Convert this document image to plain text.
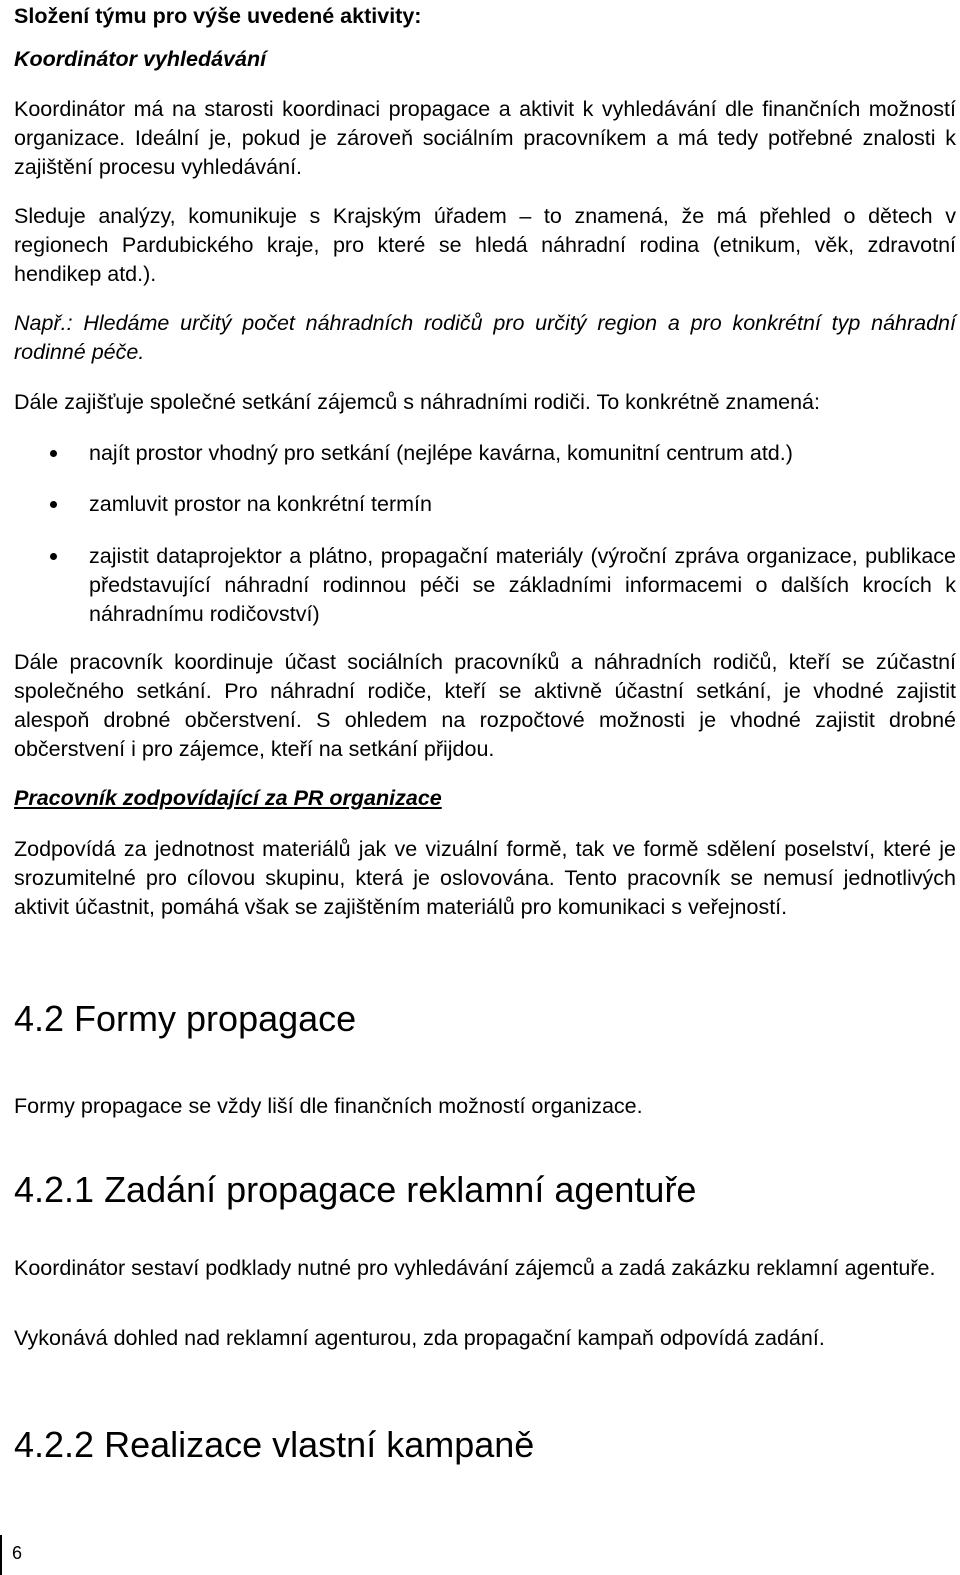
Složení týmu pro výše uvedené aktivity:
Koordinátor vyhledávání

Koordinátor má na starosti koordinaci propagace a aktivit k vyhledávání dle finančních možností organizace. Ideální je, pokud je zároveň sociálním pracovníkem a má tedy potřebné znalosti k zajištění procesu vyhledávání.

Sleduje analýzy, komunikuje s Krajským úřadem – to znamená, že má přehled o dětech v regionech Pardubického kraje, pro které se hledá náhradní rodina (etnikum, věk, zdravotní hendikep atd.).

Např.: Hledáme určitý počet náhradních rodičů pro určitý region a pro konkrétní typ náhradní rodinné péče.

Dále zajišťuje společné setkání zájemců s náhradními rodiči. To konkrétně znamená:

najít prostor vhodný pro setkání (nejlépe kavárna, komunitní centrum atd.)
zamluvit prostor na konkrétní termín
zajistit dataprojektor a plátno, propagační materiály (výroční zpráva organizace, publikace představující náhradní rodinnou péči se základními informacemi o dalších krocích k náhradnímu rodičovství)

Dále pracovník koordinuje účast sociálních pracovníků a náhradních rodičů, kteří se zúčastní společného setkání. Pro náhradní rodiče, kteří se aktivně účastní setkání, je vhodné zajistit alespoň drobné občerstvení. S ohledem na rozpočtové možnosti je vhodné zajistit drobné občerstvení i pro zájemce, kteří na setkání přijdou.

Pracovník zodpovídající za PR organizace

Zodpovídá za jednotnost materiálů jak ve vizuální formě, tak ve formě sdělení poselství, které je srozumitelné pro cílovou skupinu, která je oslovována. Tento pracovník se nemusí jednotlivých aktivit účastnit, pomáhá však se zajištěním materiálů pro komunikaci s veřejností.

4.2 Formy propagace

Formy propagace se vždy liší dle finančních možností organizace.

4.2.1 Zadání propagace reklamní agentuře

Koordinátor sestaví podklady nutné pro vyhledávání zájemců a zadá zakázku reklamní agentuře.

Vykonává dohled nad reklamní agenturou, zda propagační kampaň odpovídá zadání.

4.2.2 Realizace vlastní kampaně
6
